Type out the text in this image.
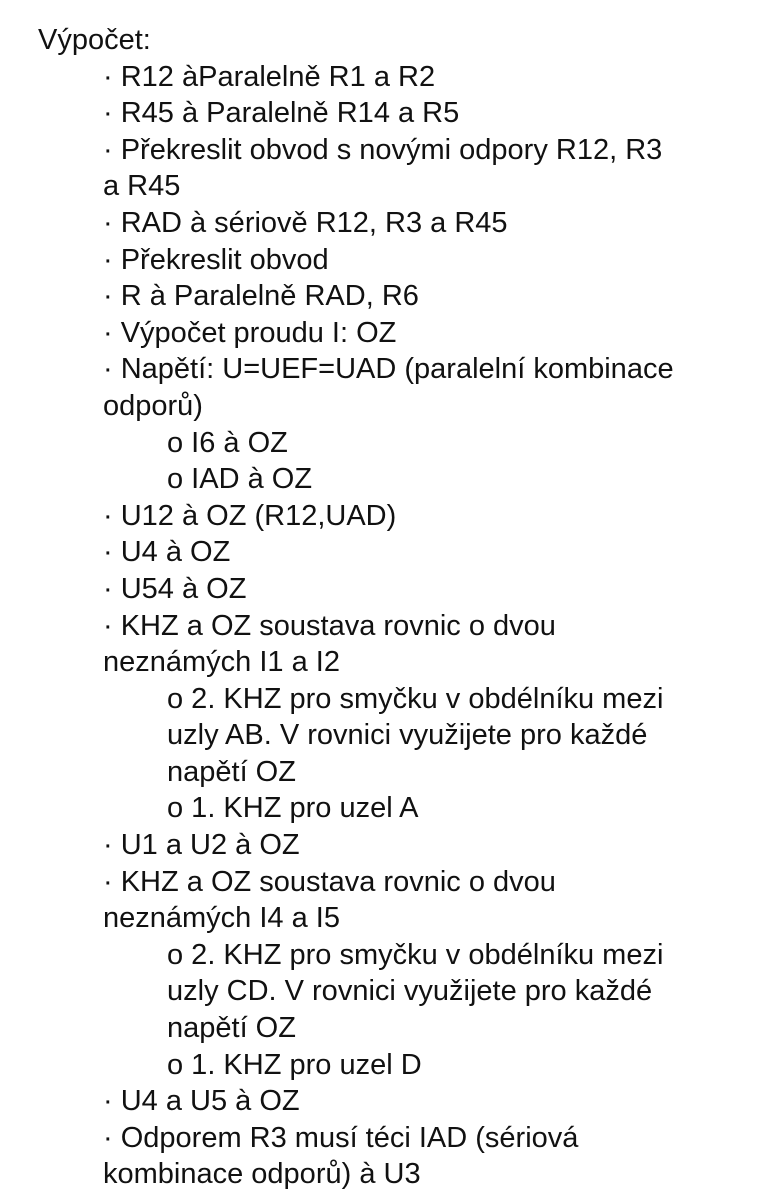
Výpočet:
· R12 àParalelně R1 a R2
· R45 à Paralelně R14 a R5
· Překreslit obvod s novými odpory R12, R3
a R45
· RAD à sériově R12, R3 a R45
· Překreslit obvod
· R à Paralelně RAD, R6
· Výpočet proudu I: OZ
· Napětí: U=UEF=UAD (paralelní kombinace
odporů)
o I6 à OZ
o IAD à OZ
· U12 à OZ (R12,UAD)
· U4 à OZ
· U54 à OZ
· KHZ a OZ soustava rovnic o dvou
neznámých I1 a I2
o 2. KHZ pro smyčku v obdélníku mezi
uzly AB. V rovnici využijete pro každé
napětí OZ
o 1. KHZ pro uzel A
· U1 a U2 à OZ
· KHZ a OZ soustava rovnic o dvou
neznámých I4 a I5
o 2. KHZ pro smyčku v obdélníku mezi
uzly CD. V rovnici využijete pro každé
napětí OZ
o 1. KHZ pro uzel D
· U4 a U5 à OZ
· Odporem R3 musí téci IAD (sériová
kombinace odporů) à U3
